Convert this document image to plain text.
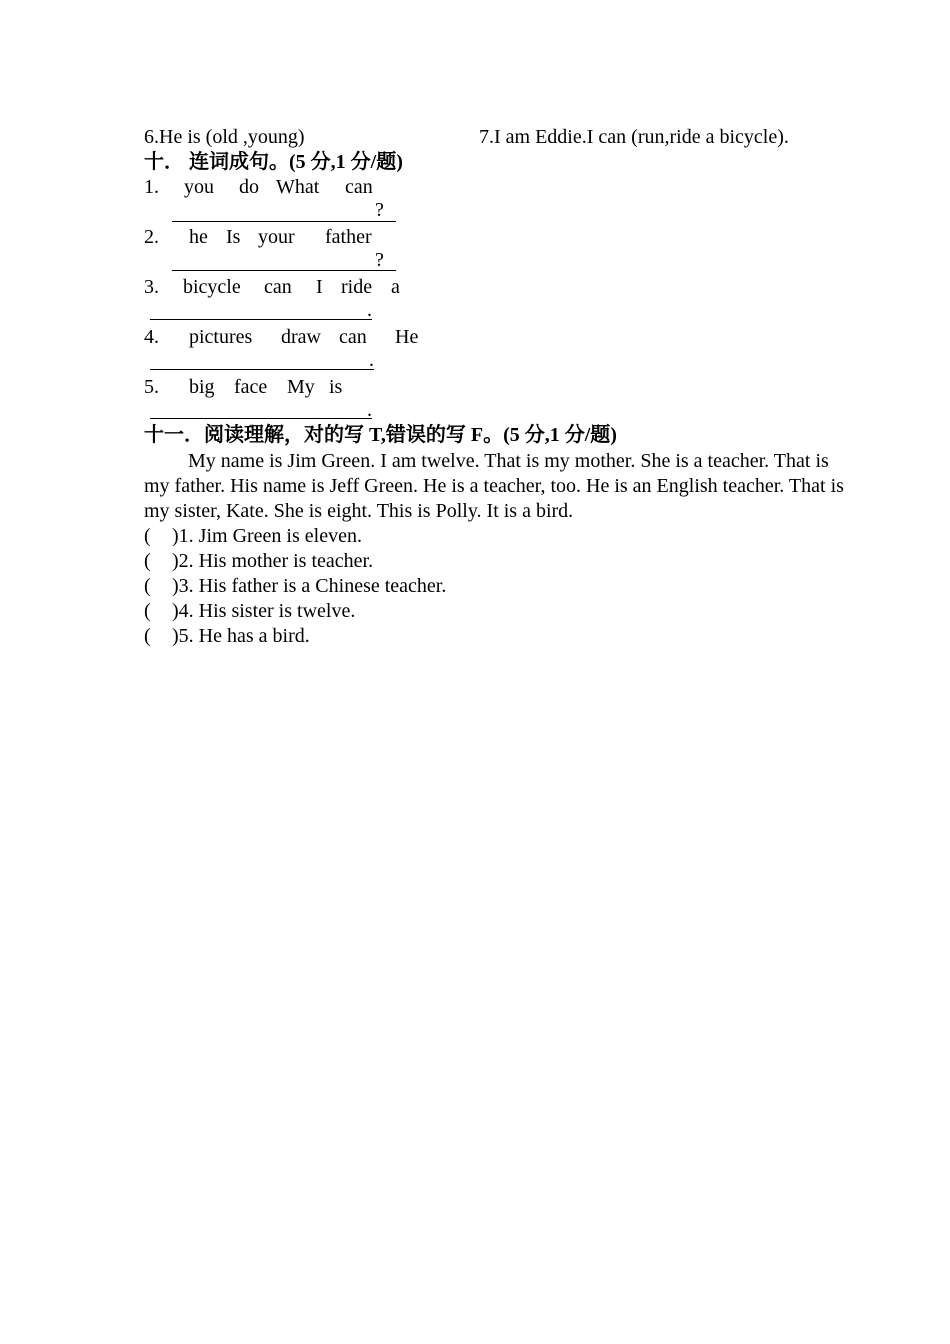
6.He is (old ,young)	7.I am Eddie.I can (run,ride a bicycle).
十． 连词成句。(5 分,1 分/题)
1. you do What can
?
2. he Is your father
?
3. bicycle can I ride a
.
4. pictures draw can He
.
5. big face My is
.
十一．阅读理解，对的写 T,错误的写 F。(5 分,1 分/题)

My name is Jim Green. I am twelve. That is my mother. She is a teacher. That is my father. His name is Jeff Green. He is a teacher, too. He is an English teacher. That is my sister, Kate. She is eight. This is Polly. It is a bird.

( )1. Jim Green is eleven.
( )2. His mother is teacher.
( )3. His father is a Chinese teacher.
( )4. His sister is twelve.
( )5. He has a bird.
